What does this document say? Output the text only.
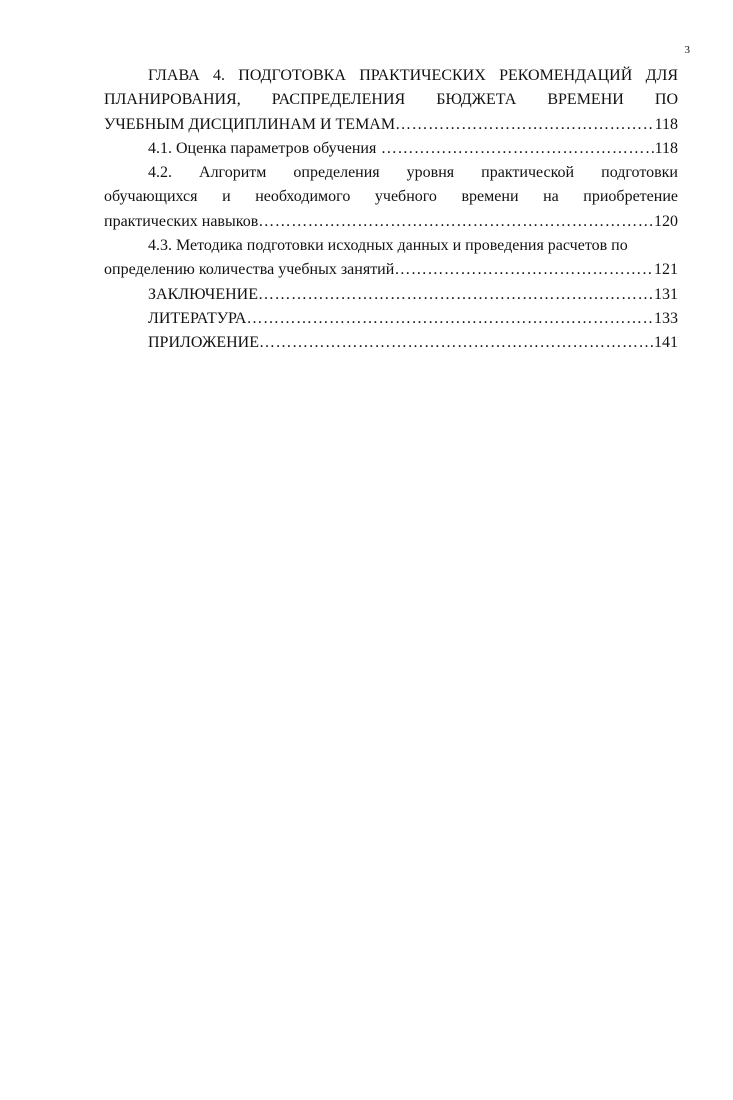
3

ГЛАВА 4. ПОДГОТОВКА ПРАКТИЧЕСКИХ РЕКОМЕНДАЦИЙ ДЛЯ

ПЛАНИРОВАНИЯ, РАСПРЕДЕЛЕНИЯ БЮДЖЕТА ВРЕМЕНИ ПО

УЧЕБНЫМ ДИСЦИПЛИНАМ И ТЕМАМ ………………………………………………………………………………………………………………………………	118
4.1. Оценка параметров обучения ………………………………………………………………………………………………………………………………	118

4.2. Алгоритм определения уровня практической подготовки

обучающихся и необходимого учебного времени на приобретение

практических навыков ………………………………………………………………………………………………………………………………	120

4.3. Методика подготовки исходных данных и проведения расчетов по

определению количества учебных занятий ………………………………………………………………………………………………………………………………	121
ЗАКЛЮЧЕНИЕ ………………………………………………………………………………………………………………………………	131
ЛИТЕРАТУРА ………………………………………………………………………………………………………………………………	133
ПРИЛОЖЕНИЕ ………………………………………………………………………………………………………………………………	141
